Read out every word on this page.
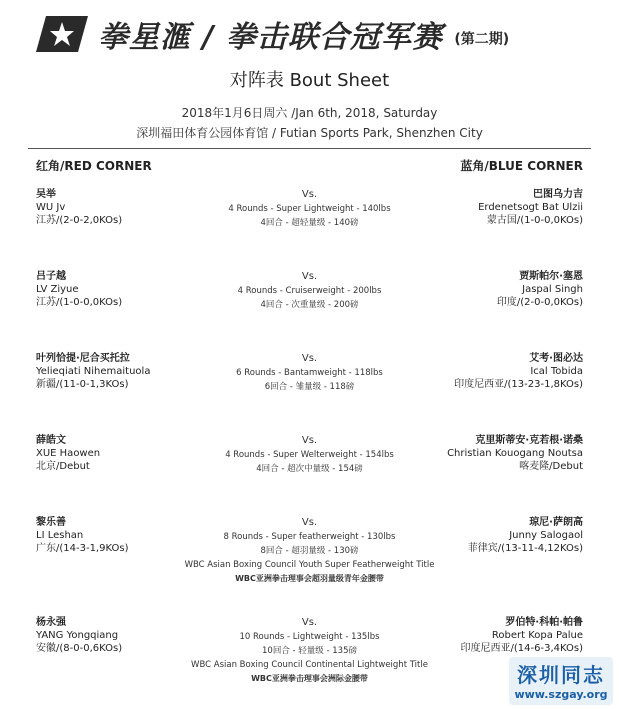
拳星滙 / 拳击联合冠军赛 (第二期)
对阵表 Bout Sheet
2018年1月6日周六 /Jan 6th, 2018, Saturday
深圳福田体育公园体育馆 / Futian Sports Park, Shenzhen City
红角/RED CORNER	蓝角/BLUE CORNER
吴举
WU Jv
江苏/(2-0-2,0KOs)
Vs.
4 Rounds - Super Lightweight - 140lbs
4回合 - 超轻量级 - 140磅
巴图乌力吉
Erdenetsogt Bat Ulzii
蒙古国/(1-0-0,0KOs)
吕子越
LV Ziyue
江苏/(1-0-0,0KOs)
Vs.
4 Rounds - Cruiserweight - 200lbs
4回合 - 次重量级 - 200磅
贾斯帕尔·塞恩
Jaspal Singh
印度/(2-0-0,0KOs)
叶列恰提·尼合买托拉
Yelieqiati Nihemaituola
新疆/(11-0-1,3KOs)
Vs.
6 Rounds - Bantamweight - 118lbs
6回合 - 雏量级 - 118磅
艾考·图必达
Ical Tobida
印度尼西亚/(13-23-1,8KOs)
薛皓文
XUE Haowen
北京/Debut
Vs.
4 Rounds - Super Welterweight - 154lbs
4回合 - 超次中量级 - 154磅
克里斯蒂安·克若根·诺桑
Christian Kouogang Noutsa
喀麦隆/Debut
黎乐善
LI Leshan
广东/(14-3-1,9KOs)
Vs.
8 Rounds - Super featherweight - 130lbs
8回合 - 超羽量级 - 130磅
WBC Asian Boxing Council Youth Super Featherweight Title
WBC亚洲拳击理事会超羽量级青年金腰带
琼尼·萨朗高
Junny Salogaol
菲律宾/(13-11-4,12KOs)
杨永强
YANG Yongqiang
安徽/(8-0-0,6KOs)
Vs.
10 Rounds - Lightweight - 135lbs
10回合 - 轻量级 - 135磅
WBC Asian Boxing Council Continental Lightweight Title
WBC亚洲拳击理事会洲际金腰带
罗伯特·科帕·帕鲁
Robert Kopa Palue
印度尼西亚/(14-6-3,4KOs)
深圳同志
www.szgay.org
